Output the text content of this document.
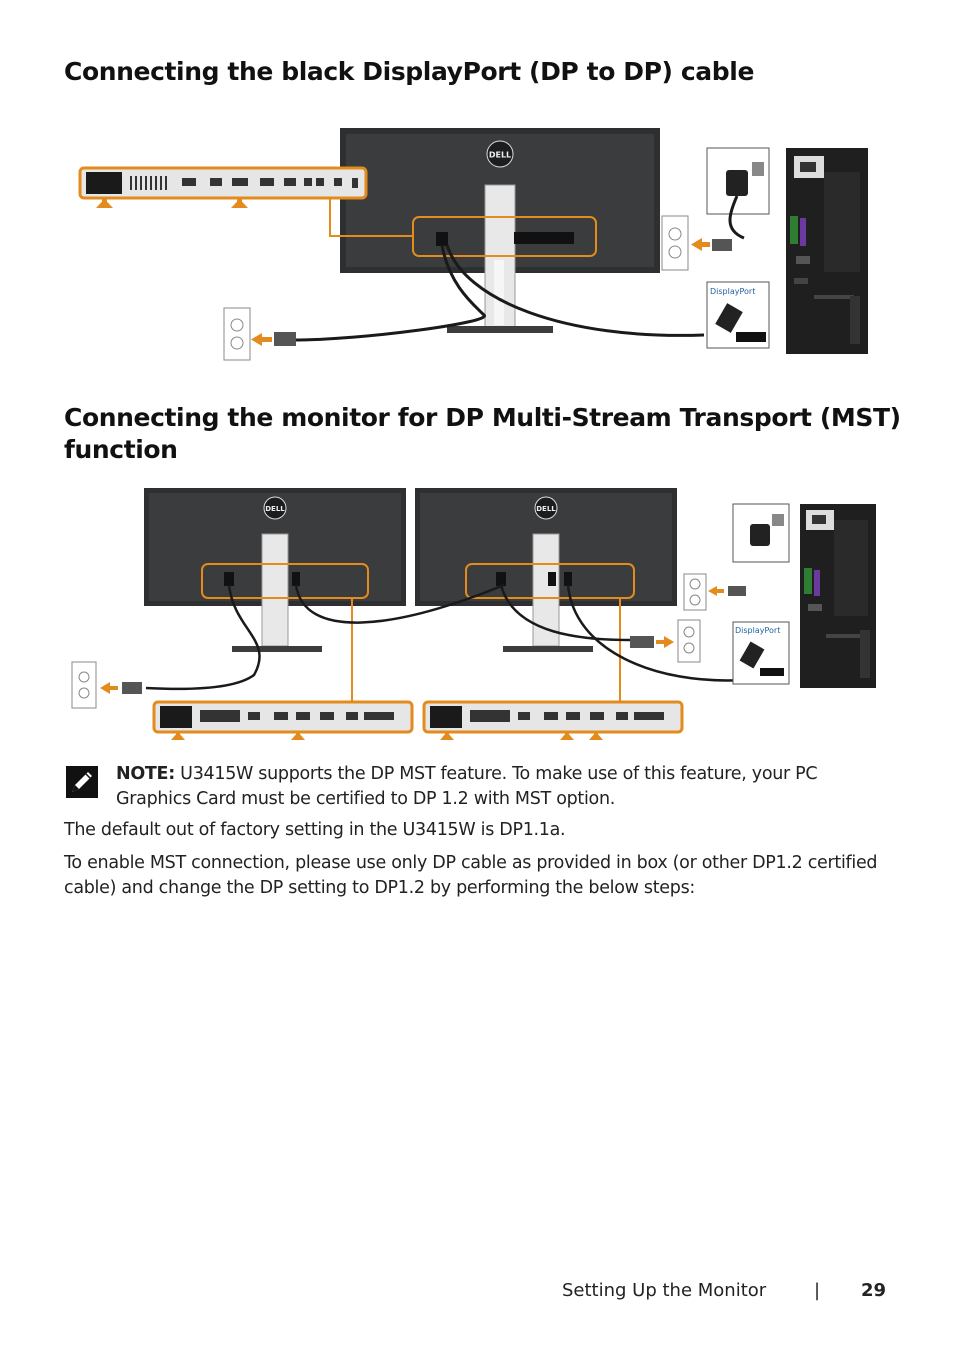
Connecting the black DisplayPort (DP to DP) cable
DELL
DisplayPort
Connecting the monitor for DP Multi-Stream Transport (MST) function
DELL	DELL
DisplayPort

NOTE: U3415W supports the DP MST feature. To make use of this feature, your PC Graphics Card must be certified to DP 1.2 with MST option.

The default out of factory setting in the U3415W is DP1.1a.

To enable MST connection, please use only DP cable as provided in box (or other DP1.2 certified cable) and change the DP setting to DP1.2 by performing the below steps:

Setting Up the Monitor	| 29
